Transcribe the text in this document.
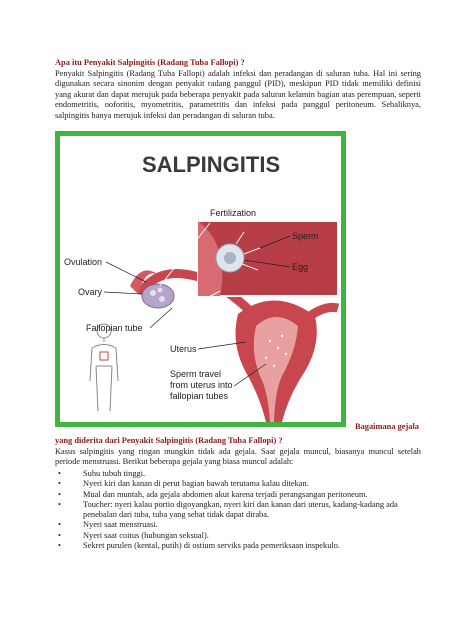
Apa itu Penyakit Salpingitis (Radang Tuba Fallopi) ?
Penyakit Salpingitis (Radang Tuba Fallopi) adalah infeksi dan peradangan di saluran tuba. Hal ini sering digunakan secara sinonim dengan penyakit radang panggul (PID), meskipun PID tidak memiliki definisi yang akurat dan dapat merujuk pada beberapa penyakit pada saluran kelamin bagian atas perempuan, seperti endometritis, ooforitis, myometritis, parametritis dan infeksi pada panggul peritoneum. Sebaliknya, salpingitis hanya merujuk infeksi dan peradangan di saluran tuba.
SALPINGITIS
Fertilization
Sperm
Egg
Ovulation
Ovary
Fallopian tube
Uterus
Sperm travel
from uterus into
fallopian tubes
Bagaimana gejala
yang diderita dari Penyakit Salpingitis (Radang Tuba Fallopi) ?
Kasus salpingitis yang ringan mungkin tidak ada gejala. Saat gejala muncul, biasanya muncul setelah periode menstruasi. Berikut beberapa gejala yang biasa muncul adalah:
•	Suhu tubuh tinggi.
•	Nyeri kiri dan kanan di perut bagian bawah terutama kalau ditekan.
•	Mual dan muntah, ada gejala abdomen akut karena terjadi perangsangan peritoneum.
•	Toucher: nyeri kalau portio digoyangkan, nyeri kiri dan kanan dari uterus, kadang-kadang ada penebalan dari tuba, tuba yang sehat tidak dapat diraba.
•	Nyeri saat menstruasi.
•	Nyeri saat coitus (hubungan seksual).
•	Sekret purulen (kental, putih) di ostium serviks pada pemeriksaan inspekulo.
